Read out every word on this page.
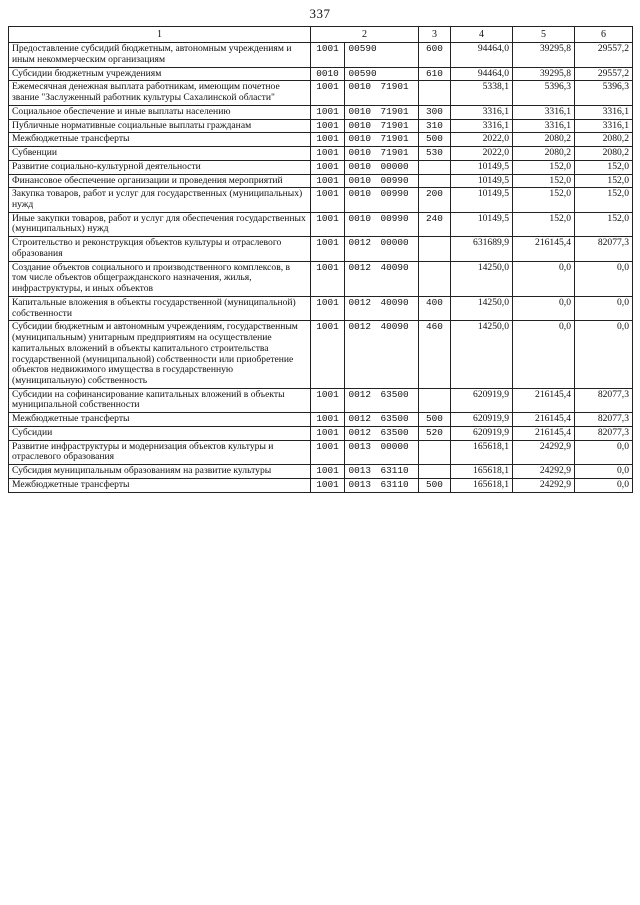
337
1	2		3	4	5	6
Предоставление субсидий бюджетным, автономным учреждениям и иным некоммерческим организациям	1001	00590	600	94464,0	39295,8	29557,2
Субсидии бюджетным учреждениям	0010	00590	610	94464,0	39295,8	29557,2
Ежемесячная денежная выплата работникам, имеющим почетное звание "Заслуженный работник культуры Сахалинской области"	1001	0010 71901		5338,1	5396,3	5396,3
Социальное обеспечение и иные выплаты населению	1001	0010 71901	300	3316,1	3316,1	3316,1
Публичные нормативные социальные выплаты гражданам	1001	0010 71901	310	3316,1	3316,1	3316,1
Межбюджетные трансферты	1001	0010 71901	500	2022,0	2080,2	2080,2
Субвенции	1001	0010 71901	530	2022,0	2080,2	2080,2
Развитие социально-культурной деятельности	1001	0010 00000		10149,5	152,0	152,0
Финансовое обеспечение организации и проведения мероприятий	1001	0010 00990		10149,5	152,0	152,0
Закупка товаров, работ и услуг для государственных (муниципальных) нужд	1001	0010 00990	200	10149,5	152,0	152,0
Иные закупки товаров, работ и услуг для обеспечения государственных (муниципальных) нужд	1001	0010 00990	240	10149,5	152,0	152,0
Строительство и реконструкция объектов культуры и отраслевого образования	1001	0012 00000		631689,9	216145,4	82077,3
Создание объектов социального и производственного комплексов, в том числе объектов общегражданского назначения, жилья, инфраструктуры, и иных объектов	1001	0012 40090		14250,0	0,0	0,0
Капитальные вложения в объекты государственной (муниципальной) собственности	1001	0012 40090	400	14250,0	0,0	0,0
Субсидии бюджетным и автономным учреждениям, государственным (муниципальным) унитарным предприятиям на осуществление капитальных вложений в объекты капитального строительства государственной (муниципальной) собственности или приобретение объектов недвижимого имущества в государственную (муниципальную) собственность	1001	0012 40090	460	14250,0	0,0	0,0
Субсидии на софинансирование капитальных вложений в объекты муниципальной собственности	1001	0012 63500		620919,9	216145,4	82077,3
Межбюджетные трансферты	1001	0012 63500	500	620919,9	216145,4	82077,3
Субсидии	1001	0012 63500	520	620919,9	216145,4	82077,3
Развитие инфраструктуры и модернизация объектов культуры и отраслевого образования	1001	0013 00000		165618,1	24292,9	0,0
Субсидия муниципальным образованиям на развитие культуры	1001	0013 63110		165618,1	24292,9	0,0
Межбюджетные трансферты	1001	0013 63110	500	165618,1	24292,9	0,0
